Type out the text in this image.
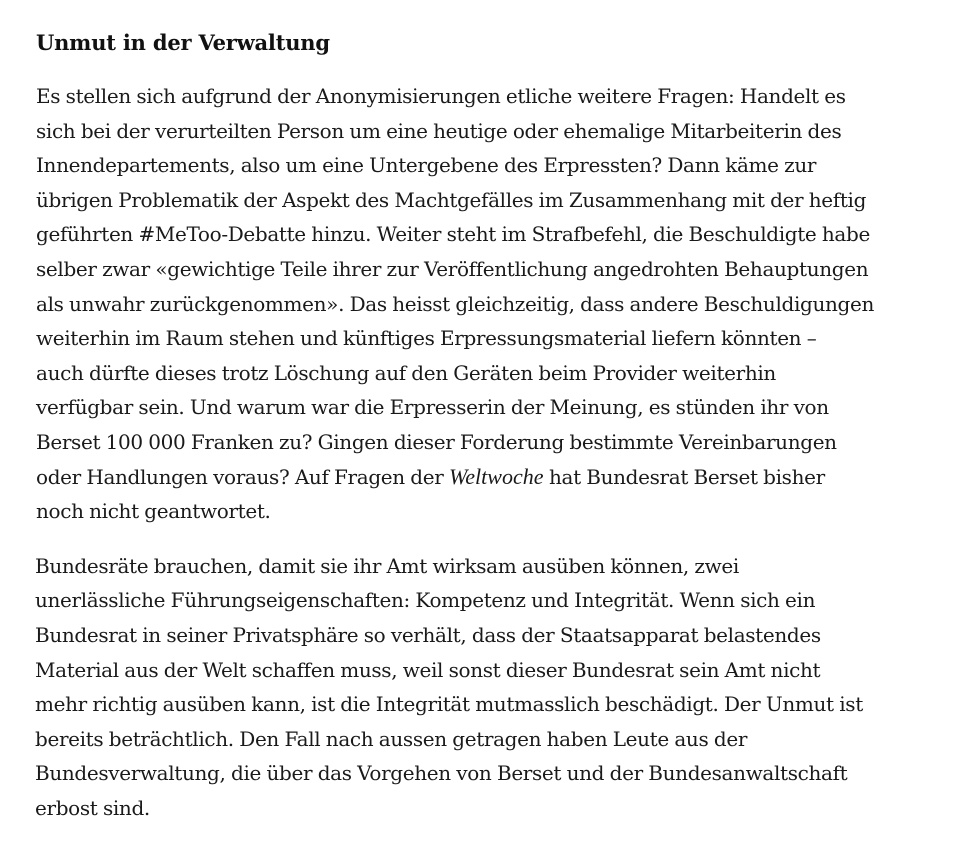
Unmut in der Verwaltung

Es stellen sich aufgrund der Anonymisierungen etliche weitere Fragen: Handelt es
sich bei der verurteilten Person um eine heutige oder ehemalige Mitarbeiterin des
Innendepartements, also um eine Untergebene des Erpressten? Dann käme zur
übrigen Problematik der Aspekt des Machtgefälles im Zusammenhang mit der heftig
geführten #MeToo-Debatte hinzu. Weiter steht im Strafbefehl, die Beschuldigte habe
selber zwar «gewichtige Teile ihrer zur Veröffentlichung angedrohten Behauptungen
als unwahr zurückgenommen». Das heisst gleichzeitig, dass andere Beschuldigungen
weiterhin im Raum stehen und künftiges Erpressungsmaterial liefern könnten –
auch dürfte dieses trotz Löschung auf den Geräten beim Provider weiterhin
verfügbar sein. Und warum war die Erpresserin der Meinung, es stünden ihr von
Berset 100 000 Franken zu? Gingen dieser Forderung bestimmte Vereinbarungen
oder Handlungen voraus? Auf Fragen der Weltwoche hat Bundesrat Berset bisher
noch nicht geantwortet.

Bundesräte brauchen, damit sie ihr Amt wirksam ausüben können, zwei
unerlässliche Führungseigenschaften: Kompetenz und Integrität. Wenn sich ein
Bundesrat in seiner Privatsphäre so verhält, dass der Staatsapparat belastendes
Material aus der Welt schaffen muss, weil sonst dieser Bundesrat sein Amt nicht
mehr richtig ausüben kann, ist die Integrität mutmasslich beschädigt. Der Unmut ist
bereits beträchtlich. Den Fall nach aussen getragen haben Leute aus der
Bundesverwaltung, die über das Vorgehen von Berset und der Bundesanwaltschaft
erbost sind.
